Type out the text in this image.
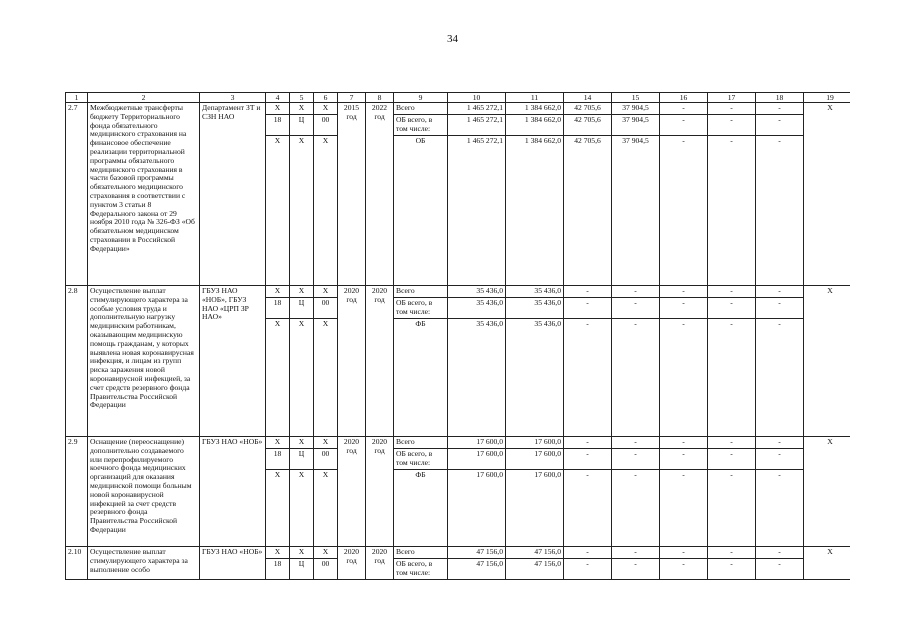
34
1	2	3	4	5	6	7	8	9	10	11	14	15	16	17	18	19
2.7	Межбюджетные трансферты бюджету Территориального фонда обязательного медицинского страхования на финансовое обеспечение реализации территориальной программы обязательного медицинского страхования в части базовой программы обязательного медицинского страхования в соответствии с пунктом 3 статьи 8 Федерального закона от 29 ноября 2010 года № 326-ФЗ «Об обязательном медицинском страховании в Российской Федерации»	Департамент ЗТ и СЗН НАО	Х	Х	Х	2015 год	2022 год	Всего	1 465 272,1	1 384 662,0	42 705,6	37 904,5	-	-	-	Х
			18	Ц	00			ОБ всего, в том числе:	1 465 272,1	1 384 662,0	42 705,6	37 904,5	-	-	-	
			Х	Х	Х			ОБ	1 465 272,1	1 384 662,0	42 705,6	37 904,5	-	-	-	
2.8	Осуществление выплат стимулирующего характера за особые условия труда и дополнительную нагрузку медицинским работникам, оказывающим медицинскую помощь гражданам, у которых выявлена новая коронавирусная инфекция, и лицам из групп риска заражения новой коронавирусной инфекцией, за счет средств резервного фонда Правительства Российской Федерации	ГБУЗ НАО «НОБ», ГБУЗ НАО «ЦРП ЗР НАО»	Х	Х	Х	2020 год	2020 год	Всего	35 436,0	35 436,0	-	-	-	-	-	Х
			18	Ц	00			ОБ всего, в том числе:	35 436,0	35 436,0	-	-	-	-	-	
			Х	Х	Х			ФБ	35 436,0	35 436,0	-	-	-	-	-	
2.9	Оснащение (переоснащение) дополнительно создаваемого или перепрофилируемого коечного фонда медицинских организаций для оказания медицинской помощи больным новой коронавирусной инфекцией за счет средств резервного фонда Правительства Российской Федерации	ГБУЗ НАО «НОБ»	Х	Х	Х	2020 год	2020 год	Всего	17 600,0	17 600,0	-	-	-	-	-	Х
			18	Ц	00			ОБ всего, в том числе:	17 600,0	17 600,0	-	-	-	-	-	
			Х	Х	Х			ФБ	17 600,0	17 600,0	-	-	-	-	-	
2.10	Осуществление выплат стимулирующего характера за выполнение особо	ГБУЗ НАО «НОБ»	Х	Х	Х	2020 год	2020 год	Всего	47 156,0	47 156,0	-	-	-	-	-	Х
			18	Ц	00			ОБ всего, в том числе:	47 156,0	47 156,0	-	-	-	-	-	
